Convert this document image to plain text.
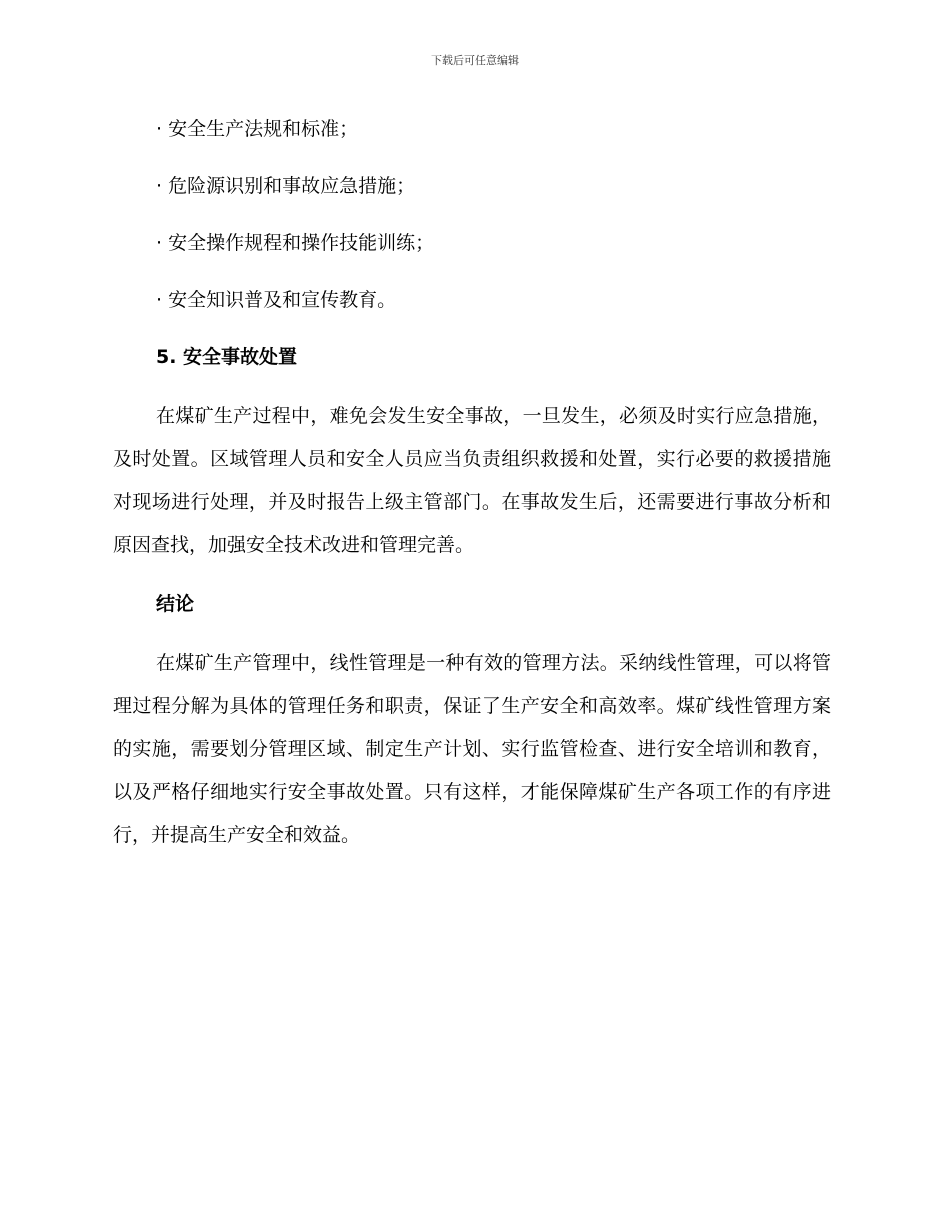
下载后可任意编辑
· 安全生产法规和标准；
· 危险源识别和事故应急措施；
· 安全操作规程和操作技能训练；
· 安全知识普及和宣传教育。
5. 安全事故处置
在煤矿生产过程中，难免会发生安全事故，一旦发生，必须及时实行应急措施，及时处置。区域管理人员和安全人员应当负责组织救援和处置，实行必要的救援措施对现场进行处理，并及时报告上级主管部门。在事故发生后，还需要进行事故分析和原因查找，加强安全技术改进和管理完善。
结论
在煤矿生产管理中，线性管理是一种有效的管理方法。采纳线性管理，可以将管理过程分解为具体的管理任务和职责，保证了生产安全和高效率。煤矿线性管理方案的实施，需要划分管理区域、制定生产计划、实行监管检查、进行安全培训和教育，以及严格仔细地实行安全事故处置。只有这样，才能保障煤矿生产各项工作的有序进行，并提高生产安全和效益。
